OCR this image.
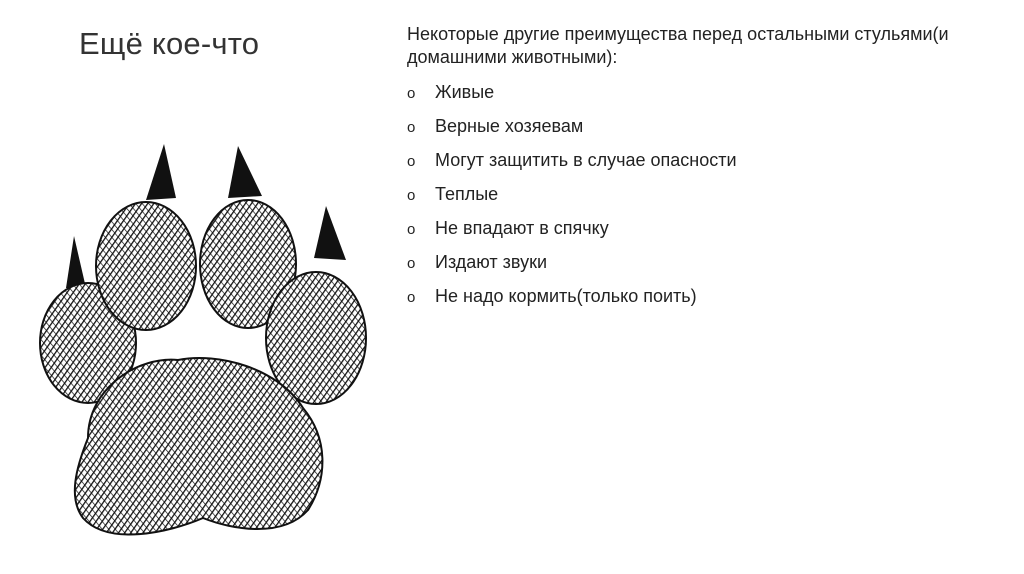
Ещё кое-что	Некоторые другие преимущества перед остальными стульями(и домашними животными):

o	Живые
o	Верные хозяевам
o	Могут защитить в случае опасности
o	Теплые
o	Не впадают в спячку
o	Издают звуки
o	Не надо кормить(только поить)
